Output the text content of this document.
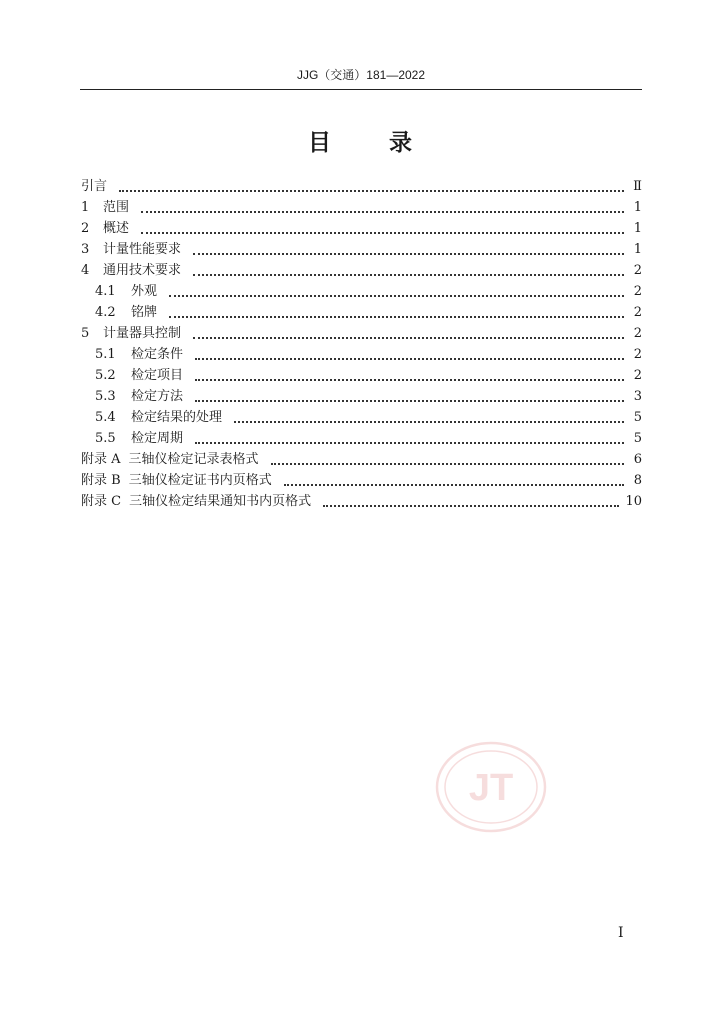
JJG（交通）181—2022
目 录
引言	Ⅱ
1	范围	1
2	概述	1
3	计量性能要求	1
4	通用技术要求	2
4.1	外观	2
4.2	铭牌	2
5	计量器具控制	2
5.1	检定条件	2
5.2	检定项目	2
5.3	检定方法	3
5.4	检定结果的处理	5
5.5	检定周期	5
附录 A 三轴仪检定记录表格式	6
附录 B 三轴仪检定证书内页格式	8
附录 C 三轴仪检定结果通知书内页格式	10
JT
I
